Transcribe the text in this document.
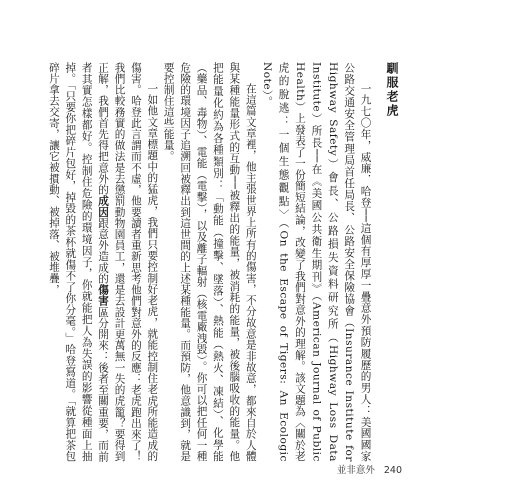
馴服老虎

一九七〇年，威廉．哈登──這個有厚厚一疊意外預防履歷的男人：美國國家公路交通安全管理局首任局長、公路安全保險協會（Insurance Institute for Highway Safety）會長、公路損失資料研究所（Highway Loss Data Institute）所長──在《美國公共衛生期刊》（American Journal of Public Health）上發表了一份簡短結論，改變了我們對意外的理解。該文題為〈關於老虎的脫逃：一個生態觀點〉（On the Escape of Tigers: An Ecologic Note）。

在這篇文章裡，他主張世界上所有的傷害，不分故意是非故意，都來自於人體與某種能量形式的互動──被釋出的能量，被消耗的能量，被後腦吸收的能量。他把能量化約為各種類別：「動能（撞擊、墜落）、熱能（熱火、凍結）、化學能（藥品、毒物）、電能（電擊），以及離子輻射（核電廠洩毀）。你可以把任何一種危險的環境因子追溯回被釋出到這世間的上述某種能量。而預防，他意識到，就是要控制住這些能量。

一如他文章標題中的猛虎，我們只要控制好老虎，就能控制住老虎所能造成的傷害。哈登此言謂而不虛，他要讀者重新思考他們對意外的反應：老虎跑出來了！我們比較務實的做法是去懲罰動物園員工，還是去設計更萬無一失的虎籠？要得到正解，我們首先得把意外的成因跟意外造成的傷害區分開來：後者至關重要，而前者其實怎樣都好。控制住危險的環境因子，你就能把人為失誤的影響從種面上抽掉。「只要你把碎片包好，掉毀的茶杯就傷不了你分毫。」哈登寫道。「就算把茶包碎片拿去交寄，讓它被摜動、被掉落、被堆疊，

並非意外 240
